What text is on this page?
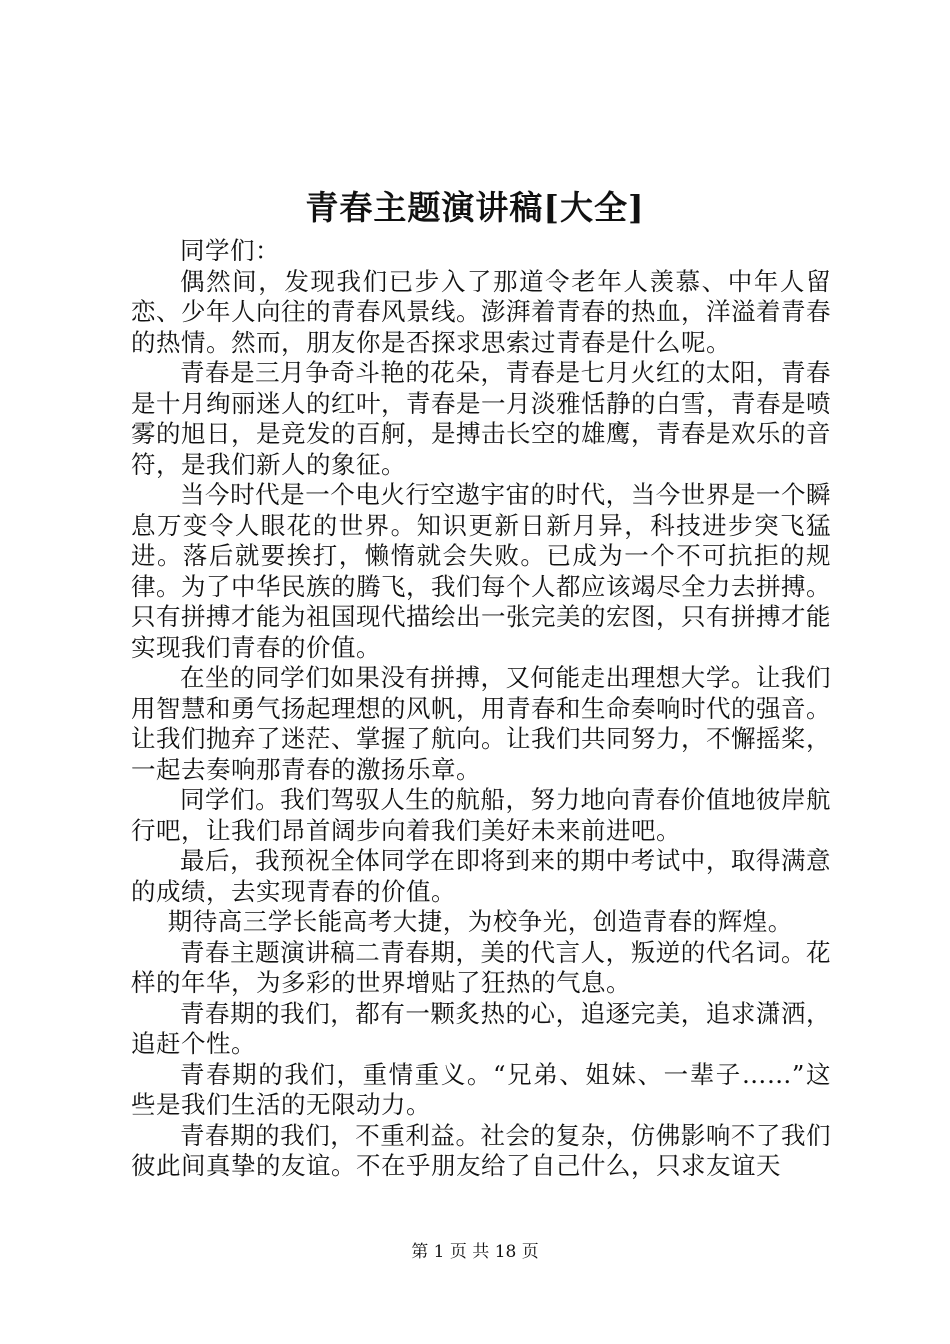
青春主题演讲稿[大全]

同学们：

偶然间，发现我们已步入了那道令老年人羡慕、中年人留恋、少年人向往的青春风景线。澎湃着青春的热血，洋溢着青春的热情。然而，朋友你是否探求思索过青春是什么呢。

青春是三月争奇斗艳的花朵，青春是七月火红的太阳，青春是十月绚丽迷人的红叶，青春是一月淡雅恬静的白雪，青春是喷雾的旭日，是竞发的百舸，是搏击长空的雄鹰，青春是欢乐的音符，是我们新人的象征。

当今时代是一个电火行空遨宇宙的时代，当今世界是一个瞬息万变令人眼花的世界。知识更新日新月异，科技进步突飞猛进。落后就要挨打，懒惰就会失败。已成为一个不可抗拒的规律。为了中华民族的腾飞，我们每个人都应该竭尽全力去拼搏。只有拼搏才能为祖国现代描绘出一张完美的宏图，只有拼搏才能实现我们青春的价值。

在坐的同学们如果没有拼搏，又何能走出理想大学。让我们用智慧和勇气扬起理想的风帆，用青春和生命奏响时代的强音。让我们抛弃了迷茫、掌握了航向。让我们共同努力，不懈摇桨，一起去奏响那青春的激扬乐章。

同学们。我们驾驭人生的航船，努力地向青春价值地彼岸航行吧，让我们昂首阔步向着我们美好未来前进吧。

最后，我预祝全体同学在即将到来的期中考试中，取得满意的成绩，去实现青春的价值。

期待高三学长能高考大捷，为校争光，创造青春的辉煌。

青春主题演讲稿二青春期，美的代言人，叛逆的代名词。花样的年华，为多彩的世界增贴了狂热的气息。

青春期的我们，都有一颗炙热的心，追逐完美，追求潇洒，追赶个性。

青春期的我们，重情重义。“兄弟、姐妹、一辈子……”这些是我们生活的无限动力。

青春期的我们，不重利益。社会的复杂，仿佛影响不了我们彼此间真挚的友谊。不在乎朋友给了自己什么，只求友谊天

第 1 页 共 18 页
